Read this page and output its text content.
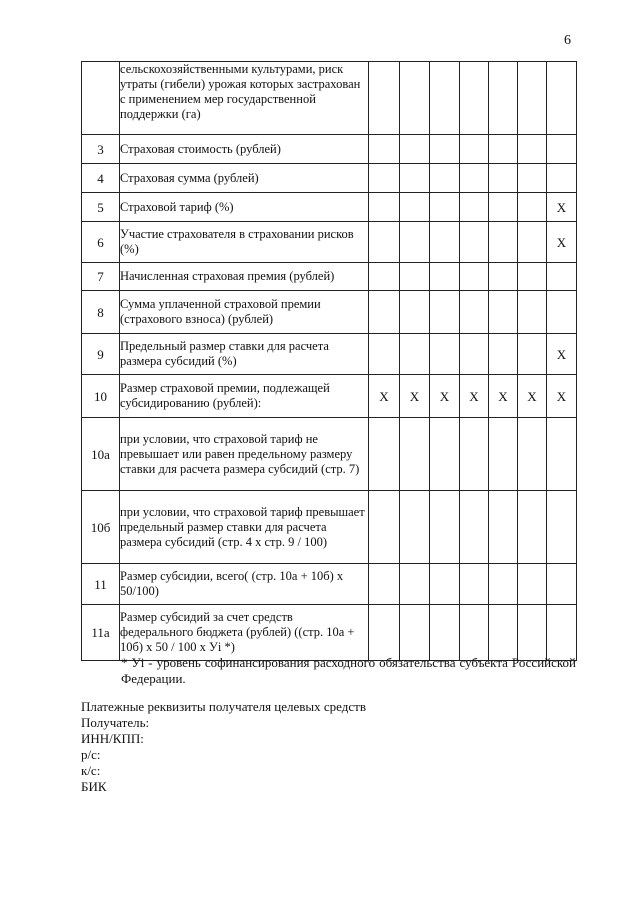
6
	сельскохозяйственными культурами, риск утраты (гибели) урожая которых застрахован с применением мер государственной поддержки (га)							
3	Страховая стоимость (рублей)							
4	Страховая сумма (рублей)							
5	Страховой тариф (%)							X
6	Участие страхователя в страховании рисков (%)							X
7	Начисленная страховая премия (рублей)							
8	Сумма уплаченной страховой премии (страхового взноса) (рублей)							
9	Предельный размер ставки для расчета размера субсидий (%)							X
10	Размер страховой премии, подлежащей субсидированию (рублей):	X	X	X	X	X	X	X
10а	при условии, что страховой тариф не превышает или равен предельному размеру ставки для расчета размера субсидий (стр. 7)							
10б	при условии, что страховой тариф превышает предельный размер ставки для расчета размера субсидий (стр. 4 х стр. 9 / 100)							
11	Размер субсидии, всего( (стр. 10а + 10б) х 50/100)							
11а	Размер субсидий за счет средств федерального бюджета (рублей) ((стр. 10а + 10б) х 50 / 100 х Уi *)							
* Уi - уровень софинансирования расходного обязательства субъекта Российской Федерации.
Платежные реквизиты получателя целевых средств
Получатель:
ИНН/КПП:
р/с:
к/с:
БИК
